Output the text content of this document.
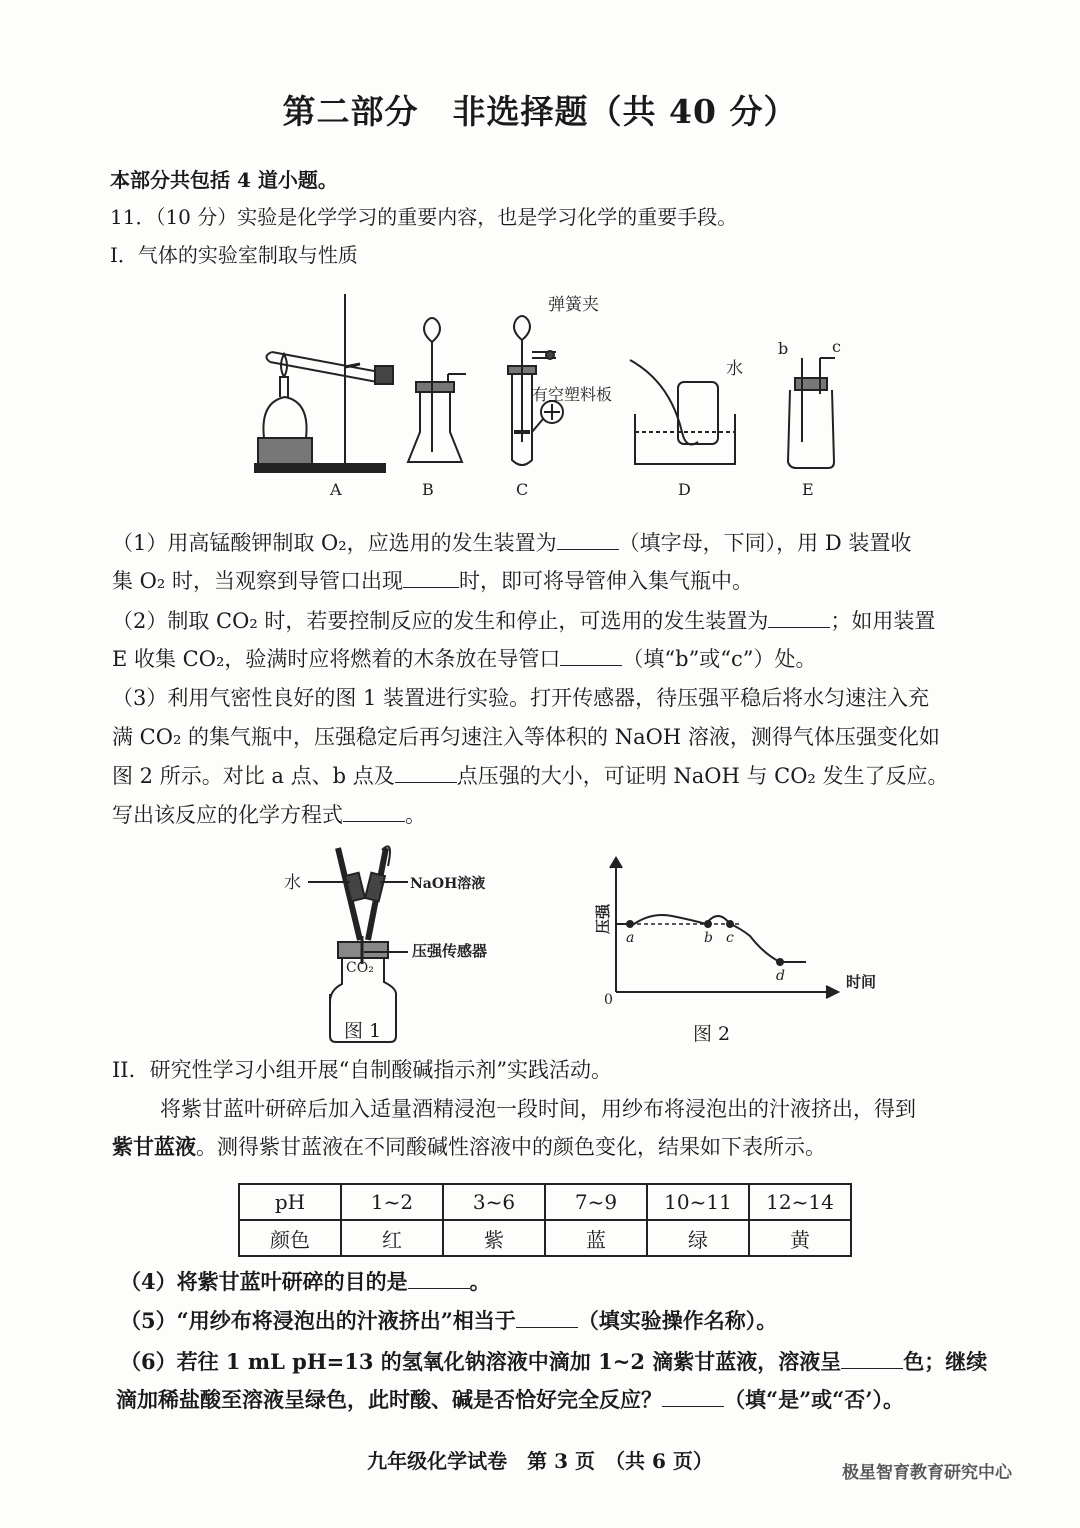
第二部分　非选择题（共 40 分）
本部分共包括 4 道小题。
11．（10 分）实验是化学学习的重要内容，也是学习化学的重要手段。
I．气体的实验室制取与性质
A	B	C	D	E
弹簧夹
有空塑料板
水
b	c
（1）用高锰酸钾制取 O₂，应选用的发生装置为	（填字母，下同），用 D 装置收
集 O₂ 时，当观察到导管口出现	时，即可将导管伸入集气瓶中。
（2）制取 CO₂ 时，若要控制反应的发生和停止，可选用的发生装置为	；如用装置
E 收集 CO₂，验满时应将燃着的木条放在导管口	（填“b”或“c”）处。
（3）利用气密性良好的图 1 装置进行实验。打开传感器，待压强平稳后将水匀速注入充
满 CO₂ 的集气瓶中，压强稳定后再匀速注入等体积的 NaOH 溶液，测得气体压强变化如
图 2 所示。对比 a 点、b 点及	点压强的大小，可证明 NaOH 与 CO₂ 发生了反应。
写出该反应的化学方程式	。
水	NaOH溶液
压强传感器
CO₂
图 1
a	b c
d
0
时间
压强
图 2
II．研究性学习小组开展“自制酸碱指示剂”实践活动。
将紫甘蓝叶研碎后加入适量酒精浸泡一段时间，用纱布将浸泡出的汁液挤出，得到
紫甘蓝液。测得紫甘蓝液在不同酸碱性溶液中的颜色变化，结果如下表所示。
pH	1~2	3~6	7~9	10~11	12~14
颜色	红	紫	蓝	绿	黄
（4）将紫甘蓝叶研碎的目的是	。
（5）“用纱布将浸泡出的汁液挤出”相当于	（填实验操作名称）。
（6）若往 1 mL pH=13 的氢氧化钠溶液中滴加 1~2 滴紫甘蓝液，溶液呈	色；继续
滴加稀盐酸至溶液呈绿色，此时酸、碱是否恰好完全反应？	（填“是”或“否’）。
九年级化学试卷　第 3 页　（共 6 页）	极星智育教育研究中心
